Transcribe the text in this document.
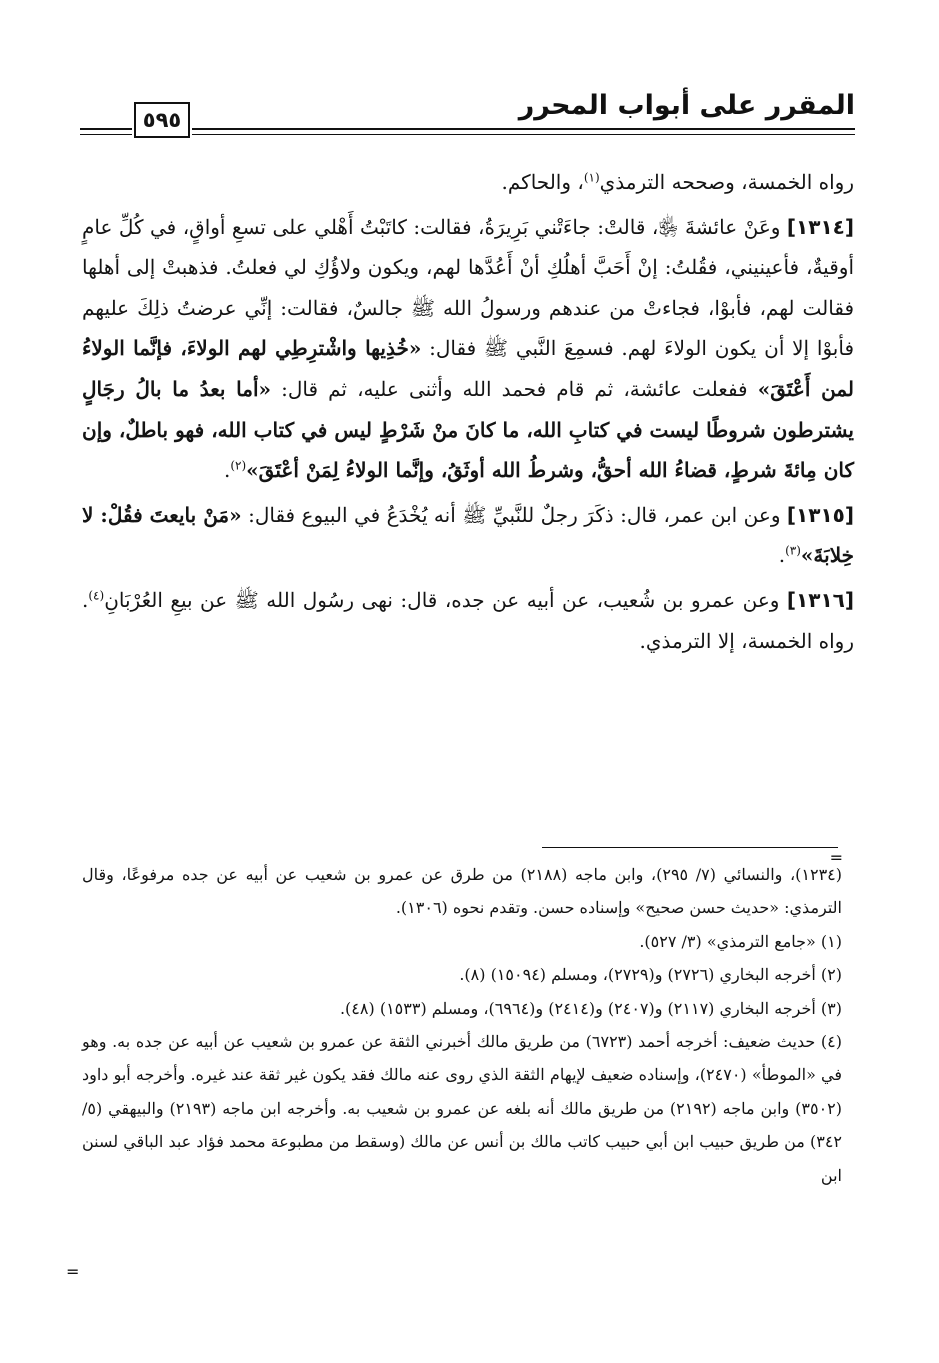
المقرر على أبواب المحرر
٥٩٥

رواه الخمسة، وصححه الترمذي$^{(١)}$، والحاكم.

[١٣١٤] وعَنْ عائشةَ ﵂، قالتْ: جاءَتْني بَرِيرَةُ، فقالت: كاتَبْتُ أَهْلي على تسعِ أواقٍ، في كُلِّ عامٍ أوقيةٌ، فأعينيني، فقُلتُ: إنْ أَحَبَّ أهلُكِ أنْ أَعُدَّها لهم، ويكون ولاؤُكِ لي فعلتُ. فذهبتْ إلى أهلها فقالت لهم، فأبوْا، فجاءتْ من عندهم ورسولُ الله ﷺ جالسٌ، فقالت: إنِّي عرضتُ ذلِكَ عليهم فأبوْا إلا أن يكون الولاءَ لهم. فسمِعَ النَّبي ﷺ فقال: «خُذِيها واشْترِطِي لهم الولاءَ، فإنَّما الولاءُ لمن أَعْتَقَ» ففعلت عائشة، ثم قام فحمد الله وأثنى عليه، ثم قال: «أما بعدُ ما بالُ رجَالٍ يشترطون شروطًا ليست في كتابِ الله، ما كانَ منْ شَرْطٍ ليس في كتاب الله، فهو باطلٌ، وإن كان مِائةَ شرطٍ، قضاءُ الله أحقُّ، وشرطُ الله أوثَقُ، وإنَّما الولاءُ لِمَنْ أعْتَقَ»$^{(٢)}$.

[١٣١٥] وعن ابن عمر، قال: ذكَرَ رجلٌ للنَّبيِّ ﷺ أنه يُخْدَعُ في البيوع فقال: «مَنْ بايعتَ فقُلْ: لا خِلابَةَ»$^{(٣)}$.

[١٣١٦] وعن عمرو بن شُعيب، عن أبيه عن جده، قال: نهى رسُول الله ﷺ عن بيعِ العُرْبَانِ$^{(٤)}$. رواه الخمسة، إلا الترمذي.

=

(١٢٣٤)، والنسائي (٧/ ٢٩٥)، وابن ماجه (٢١٨٨) من طرق عن عمرو بن شعيب عن أبيه عن جده مرفوعًا، وقال الترمذي: «حديث حسن صحيح» وإسناده حسن. وتقدم نحوه (١٣٠٦).

(١) «جامع الترمذي» (٣/ ٥٢٧).

(٢) أخرجه البخاري (٢٧٢٦) و(٢٧٢٩)، ومسلم (١٥٠٩٤) (٨).

(٣) أخرجه البخاري (٢١١٧) و(٢٤٠٧) و(٢٤١٤) و(٦٩٦٤)، ومسلم (١٥٣٣) (٤٨).

(٤) حديث ضعيف: أخرجه أحمد (٦٧٢٣) من طريق مالك أخبرني الثقة عن عمرو بن شعيب عن أبيه عن جده به. وهو في «الموطأ» (٢٤٧٠)، وإسناده ضعيف لإيهام الثقة الذي روى عنه مالك فقد يكون غير ثقة عند غيره. وأخرجه أبو داود (٣٥٠٢) وابن ماجه (٢١٩٢) من طريق مالك أنه بلغه عن عمرو بن شعيب به. وأخرجه ابن ماجه (٢١٩٣) والبيهقي (٥/ ٣٤٢) من طريق حبيب ابن أبي حبيب كاتب مالك بن أنس عن مالك (وسقط من مطبوعة محمد فؤاد عبد الباقي لسنن ابن

=
